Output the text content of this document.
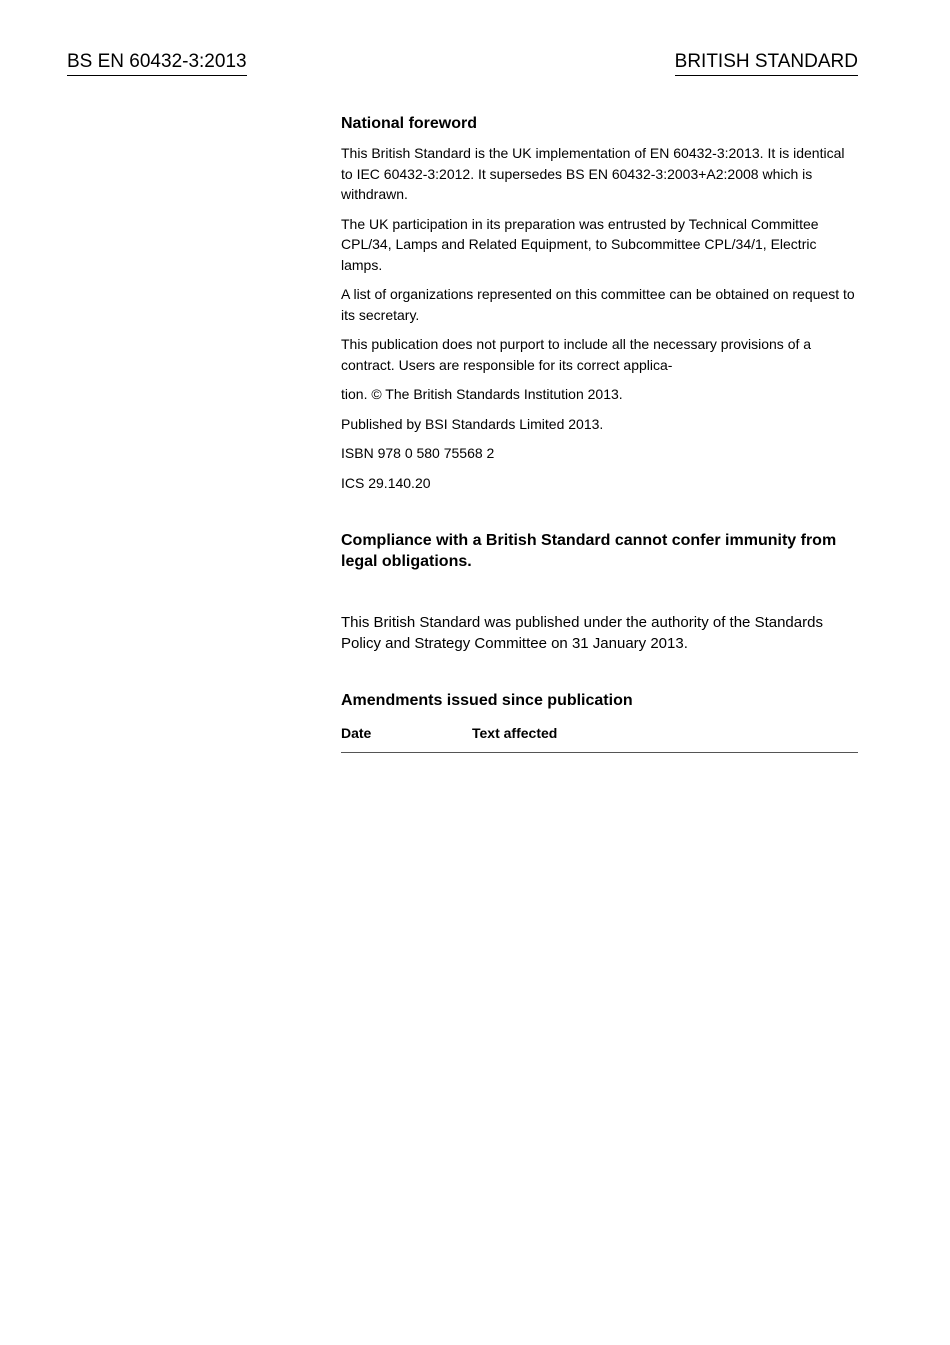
BS EN 60432-3:2013	BRITISH STANDARD
National foreword

This British Standard is the UK implementation of EN 60432-3:2013. It is identical to IEC 60432-3:2012. It supersedes BS EN 60432-3:2003+A2:2008 which is withdrawn.

The UK participation in its preparation was entrusted by Technical Committee CPL/34, Lamps and Related Equipment, to Subcommittee CPL/34/1, Electric lamps.

A list of organizations represented on this committee can be obtained on request to its secretary.

This publication does not purport to include all the necessary provisions of a contract. Users are responsible for its correct applica-

tion. © The British Standards Institution 2013.

Published by BSI Standards Limited 2013.

ISBN 978 0 580 75568 2

ICS 29.140.20

Compliance with a British Standard cannot confer immunity from legal obligations.
This British Standard was published under the authority of the Standards Policy and Strategy Committee on 31 January 2013.
Amendments issued since publication
Date	Text affected
